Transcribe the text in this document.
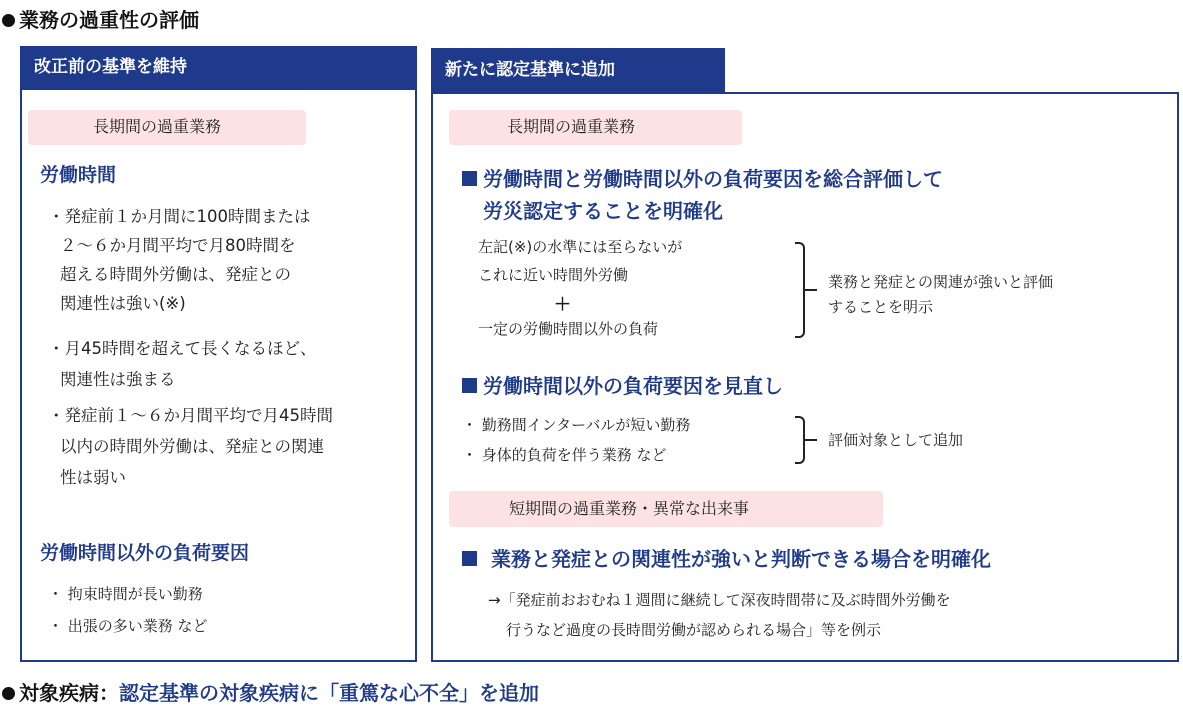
業務の過重性の評価
改正前の基準を維持
長期間の過重業務
労働時間
・発症前１か月間に100時間または
２～６か月間平均で月80時間を
超える時間外労働は、発症との
関連性は強い(※)
・月45時間を超えて長くなるほど、
関連性は強まる
・発症前１～６か月間平均で月45時間
以内の時間外労働は、発症との関連
性は弱い
労働時間以外の負荷要因
・ 拘束時間が長い勤務
・ 出張の多い業務 など
新たに認定基準に追加
長期間の過重業務
労働時間と労働時間以外の負荷要因を総合評価して
労災認定することを明確化
左記(※)の水準には至らないが
これに近い時間外労働
＋
一定の労働時間以外の負荷
業務と発症との関連が強いと評価
することを明示
労働時間以外の負荷要因を見直し
・ 勤務間インターバルが短い勤務
・ 身体的負荷を伴う業務 など
評価対象として追加
短期間の過重業務・異常な出来事
業務と発症との関連性が強いと判断できる場合を明確化
→「発症前おおむね１週間に継続して深夜時間帯に及ぶ時間外労働を
行うなど過度の長時間労働が認められる場合」等を例示
対象疾病：認定基準の対象疾病に「重篤な心不全」を追加
